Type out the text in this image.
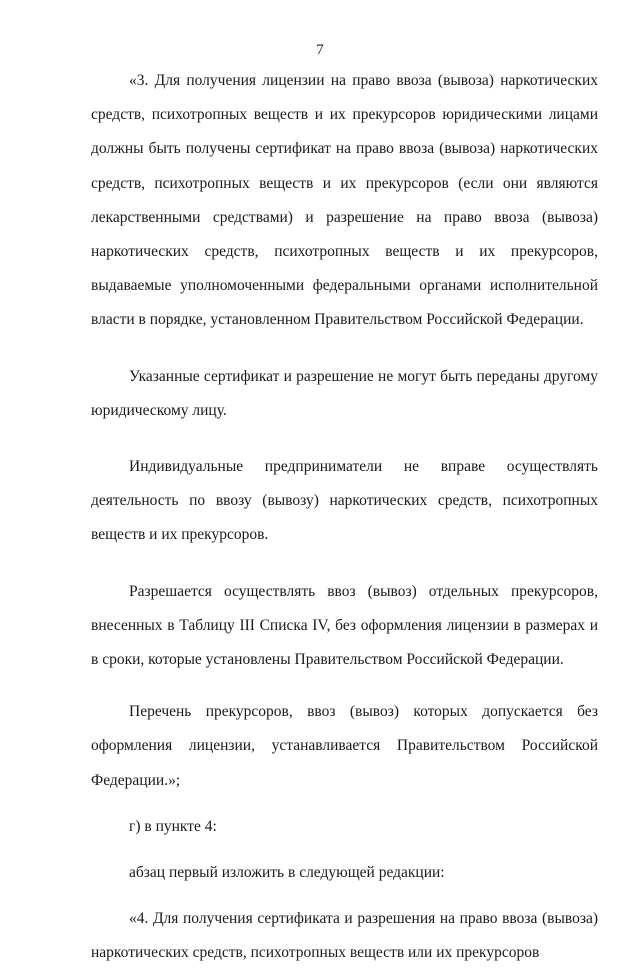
7

«3. Для получения лицензии на право ввоза (вывоза) наркотических средств, психотропных веществ и их прекурсоров юридическими лицами должны быть получены сертификат на право ввоза (вывоза) наркотических средств, психотропных веществ и их прекурсоров (если они являются лекарственными средствами) и разрешение на право ввоза (вывоза) наркотических средств, психотропных веществ и их прекурсоров, выдаваемые уполномоченными федеральными органами исполнительной власти в порядке, установленном Правительством Российской Федерации.

Указанные сертификат и разрешение не могут быть переданы другому юридическому лицу.

Индивидуальные предприниматели не вправе осуществлять деятельность по ввозу (вывозу) наркотических средств, психотропных веществ и их прекурсоров.

Разрешается осуществлять ввоз (вывоз) отдельных прекурсоров, внесенных в Таблицу III Списка IV, без оформления лицензии в размерах и в сроки, которые установлены Правительством Российской Федерации.

Перечень прекурсоров, ввоз (вывоз) которых допускается без оформления лицензии, устанавливается Правительством Российской Федерации.»;

г) в пункте 4:

абзац первый изложить в следующей редакции:

«4. Для получения сертификата и разрешения на право ввоза (вывоза) наркотических средств, психотропных веществ или их прекурсоров
